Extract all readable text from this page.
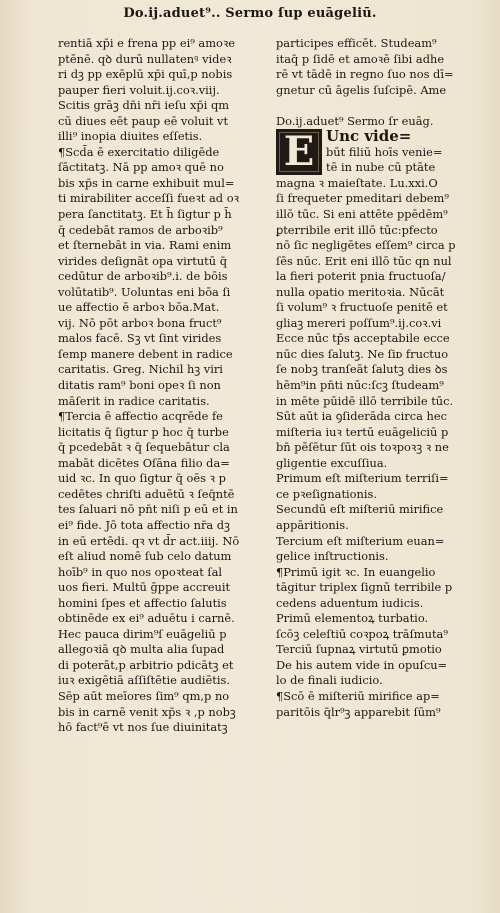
Do.ij.aduet⁹.. Sermo ſup euāgeliū.
rentiā xp̄i e frena pp ei⁹ amoꝛe
ptēnē. qꝺ durū nullatenꝰ videꝛ
ri dꝫ pp exēplū xp̄i quī,p nobis
pauper fieri voluit.ij.coꝛ.viij.
Scitis grāꝫ dn̄i nr̄i ieſu xp̄i qm
cū diues eēt paup eē voluit vt
illi⁹ inopia diuites eſſetis.
¶Scd̄a ē exercitatio diligēde
ſāctitatꝫ. Nā pp amoꝛ quē no
bis xp̄s in carne exhibuit mul=
ti mirabiliter acceſſi fueꝛt ad oꝛ
pera ſanctitatꝫ. Et h̄ ſigtur p h̄
q̄ cedebāt ramos de arboꝛib⁹
et ſternebāt in via. Rami enim
virides deſignāt opa virtutū q̄
cedūtur de arboꝛib⁹.i. de bōis
volūtatib⁹. Uoluntas eni bōa ſi
ue affectio ē arboꝛ bōa.Mat.
vij. Nō pōt arboꝛ bona fruct⁹
malos facē. Sꝫ vt ſint virides
ſemp manere debent in radice
caritatis. Greg. Nichil hꝫ viri
ditatis ram⁹ boni opeꝛ ſi non
māſerit in radice caritatis.
¶Tercia ē affectio acqrēde fe
licitatis q̄ ſigtur p hoc q̄ turbe
q̄ pcedebāt ꝛ q̄ ſequebātur cla
mabāt dicētes Oſāna filio da=
uid ꝛc. In quo ſigtur q̄ oēs ꝛ p
cedētes chriſti aduētū ꝛ ſeq̄ntē
tes ſaluari nō pn̄t niſi p eū et in
ei⁹ fide. Jō tota affectio nr̄a dꝫ
in eū ertēdi. qꝛ vt d̄r act.iiij. Nō
eſt aliud nomē ſub celo datum
hoīb⁹ in quo nos opoꝛteat ſal
uos fieri. Multū ḡppe accreuit
homini ſpes et affectio ſalutis
obtinēde ex ei⁹ aduētu i carnē.
Hec pauca dirim⁹ſ euāgeliū p
allegoꝛiā qꝺ multa alia ſupad
di poterāt,p arbitrio pdicātꝫ et
iuꝛ exigētiā aſſiſtētie audiētis.
Sēp aūt meīores ſim⁹ qm,p no
bis in carnē venit xp̄s ꝛ ,p nobꝫ
hō fact⁹ē vt nos ſue diuinitatꝫ
participes efficēt. Studeam⁹
itaq̄ p ſidē et amoꝛē ſibi adhe
rē vt tādē in regno ſuo nos dī=
gnetur cū āgelis ſuſcipē. Ame
Do.ij.aduet⁹ Sermo ſr euāg.
E Unc vide=
būt filiū hoīs venie=
tē in nube cū ptāte
magna ꝛ maieſtate. Lu.xxi.O
ſi frequeter pmeditari debem⁹
illō tūc. Si eni attēte ppēdēm⁹
ꝑterribile erit illō tūc:pfecto
nō ſic negligētes eſſem⁹ circa p
ſēs nūc. Erit eni illō tūc qn nul
la fieri poterit pnia fructuoſa/
nulla opatio meritoꝛia. Nūcāt
ſi volum⁹ ꝛ fructuoſe penitē et
gliaꝫ mereri poſſum⁹.ij.coꝛ.vi
Ecce nūc tp̄s acceptabile ecce
nūc dies ſalutꝫ. Ne ſiᴅ fructuo
ſe nobꝫ tranſeāt ſalutꝫ dies ꝺs
hēm⁹in pn̄ti nūc:ſcꝫ ſtudeam⁹
in mēte pūidē illō terribile tūc.
Sūt aūt ia ꝯſiderāda circa hec
miſteria iuꝛ tertū euāgeliciū p
bn̄ pēſētur ſūt ois toꝛpoꝛꝫ ꝛ ne
gligentie excuſſiua.
Primum eſt miſterium terriſi=
ce pꝛeſignationis.
Secundū eſt miſteriū mirifice
appāritionis.
Tercium eſt miſterium euan=
gelice inſtructionis.
¶Primū igit ꝛc. In euangelio
tāgitur triplex ſignū terribile p
cedens aduentum iudicis.
Primū elementoꝝ turbatio.
ſcōꝫ celeſtiū coꝛpoꝝ trāſmuta⁹
Terciū ſupnaꝝ virtutū ꝑmotio
De his autem vide in opuſcu=
lo de finali iudicio.
¶Scō ē miſteriū mirifice ap=
paritōis q̄lr⁹ꝫ apparebit ſūm⁹
